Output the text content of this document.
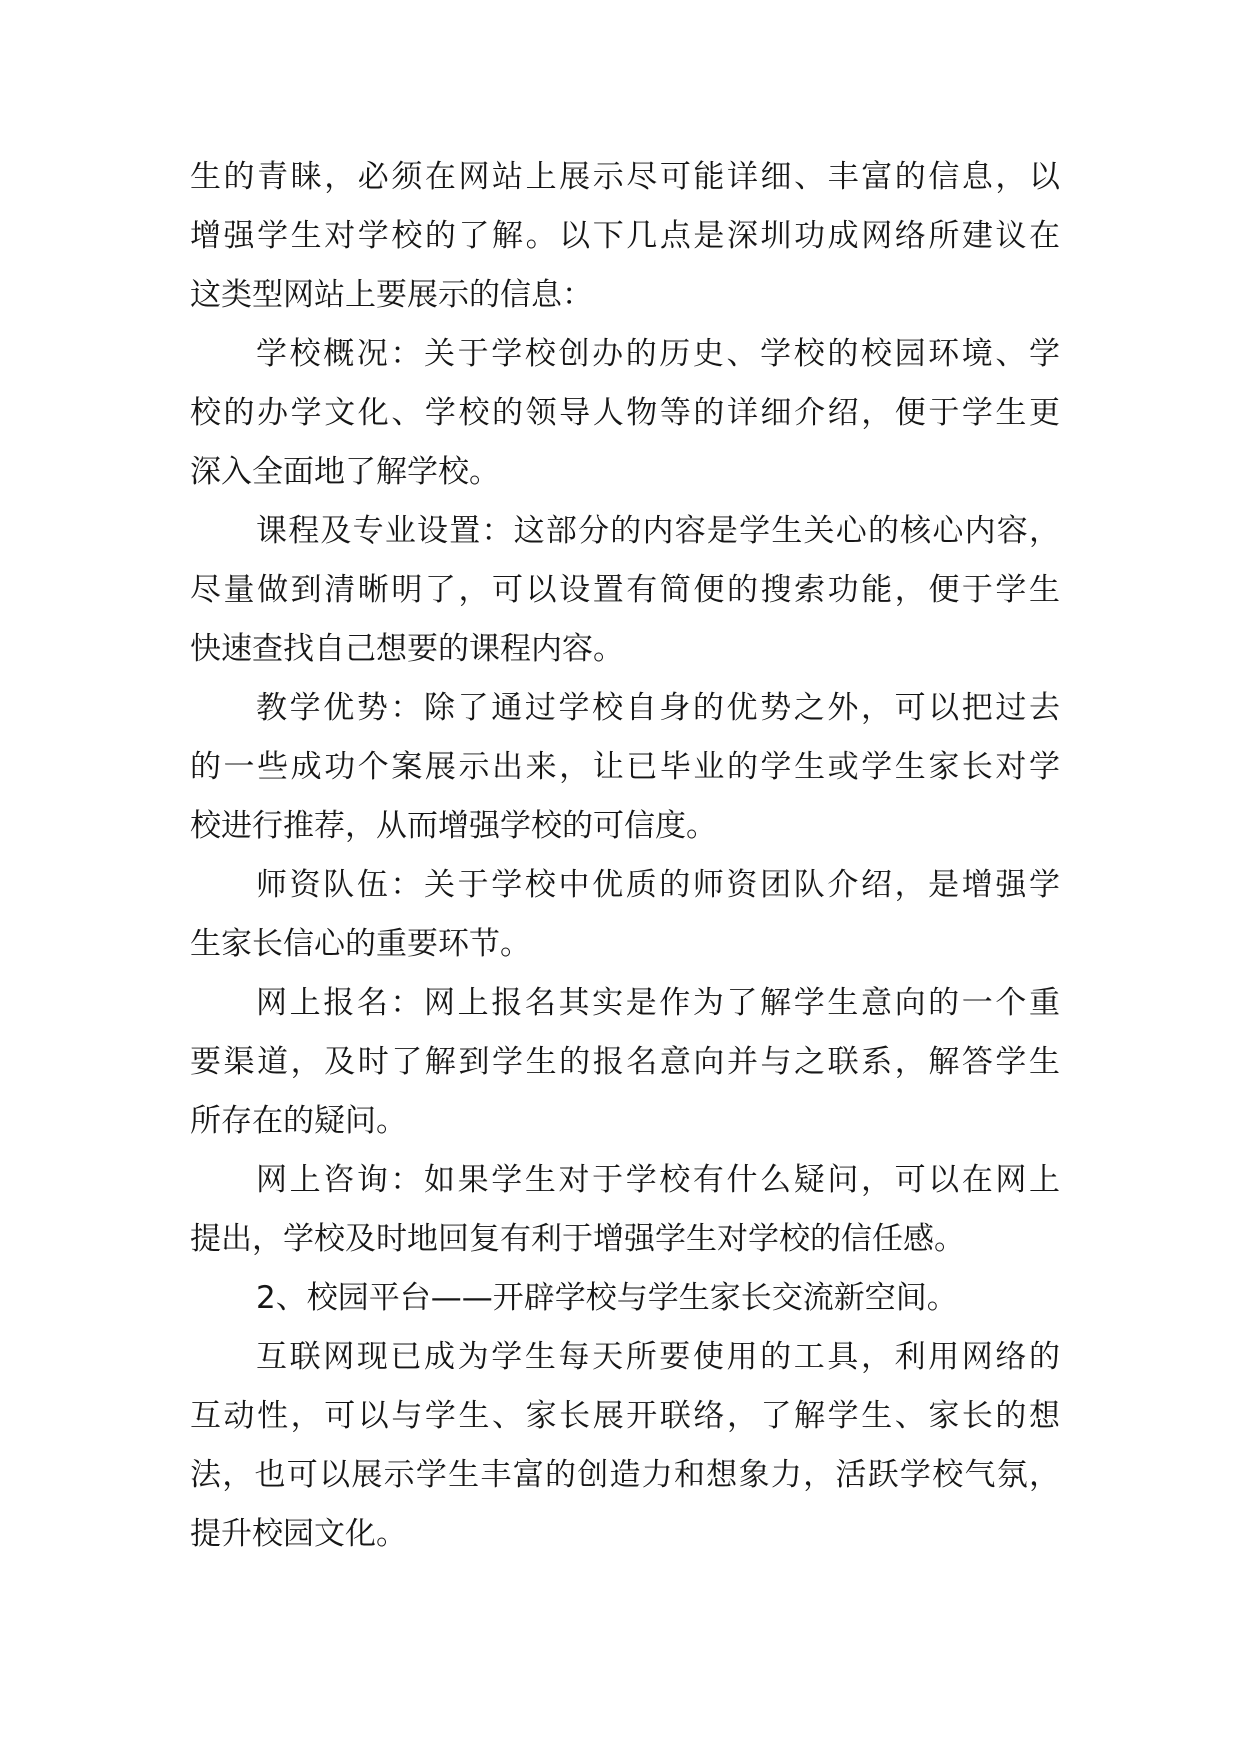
生的青睐，必须在网站上展示尽可能详细、丰富的信息，以
增强学生对学校的了解。以下几点是深圳功成网络所建议在
这类型网站上要展示的信息：
学校概况：关于学校创办的历史、学校的校园环境、学
校的办学文化、学校的领导人物等的详细介绍，便于学生更
深入全面地了解学校。
课程及专业设置：这部分的内容是学生关心的核心内容，
尽量做到清晰明了，可以设置有简便的搜索功能，便于学生
快速查找自己想要的课程内容。
教学优势：除了通过学校自身的优势之外，可以把过去
的一些成功个案展示出来，让已毕业的学生或学生家长对学
校进行推荐，从而增强学校的可信度。
师资队伍：关于学校中优质的师资团队介绍，是增强学
生家长信心的重要环节。
网上报名：网上报名其实是作为了解学生意向的一个重
要渠道，及时了解到学生的报名意向并与之联系，解答学生
所存在的疑问。
网上咨询：如果学生对于学校有什么疑问，可以在网上
提出，学校及时地回复有利于增强学生对学校的信任感。
2、校园平台——开辟学校与学生家长交流新空间。
互联网现已成为学生每天所要使用的工具，利用网络的
互动性，可以与学生、家长展开联络，了解学生、家长的想
法，也可以展示学生丰富的创造力和想象力，活跃学校气氛，
提升校园文化。
